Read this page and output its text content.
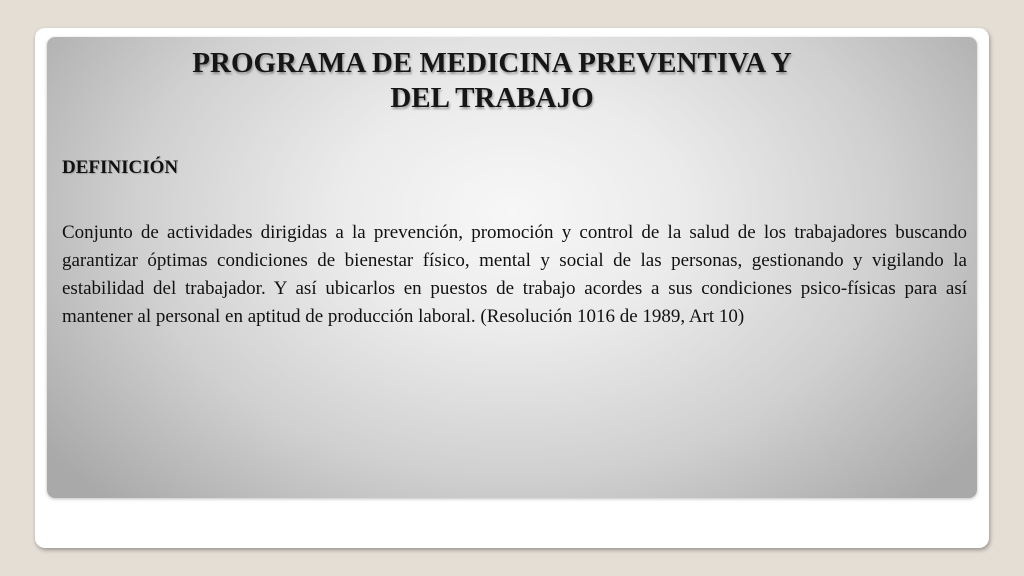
PROGRAMA DE MEDICINA PREVENTIVA Y
DEL TRABAJO
DEFINICIÓN

Conjunto de actividades dirigidas a la prevención, promoción y control de la salud de los trabajadores buscando garantizar óptimas condiciones de bienestar físico, mental y social de las personas, gestionando y vigilando la estabilidad del trabajador. Y así ubicarlos en puestos de trabajo acordes a sus condiciones psico-físicas para así mantener al personal en aptitud de producción laboral. (Resolución 1016 de 1989, Art 10)
